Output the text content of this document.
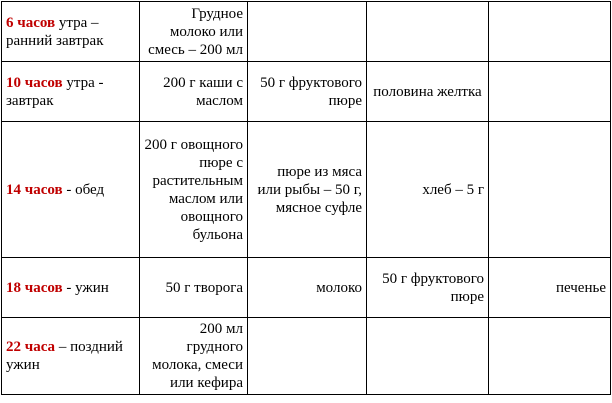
6 часов утра – ранний завтрак	Грудное молоко или смесь – 200 мл			
10 часов утра - завтрак	200 г каши с маслом	50 г фруктового пюре	половина желтка	
14 часов - обед	200 г овощного пюре с растительным маслом или овощного бульона	пюре из мяса или рыбы – 50 г, мясное суфле	хлеб – 5 г	
18 часов - ужин	50 г творога	молоко	50 г фруктового пюре	печенье
22 часа – поздний ужин	200 мл грудного молока, смеси или кефира			
